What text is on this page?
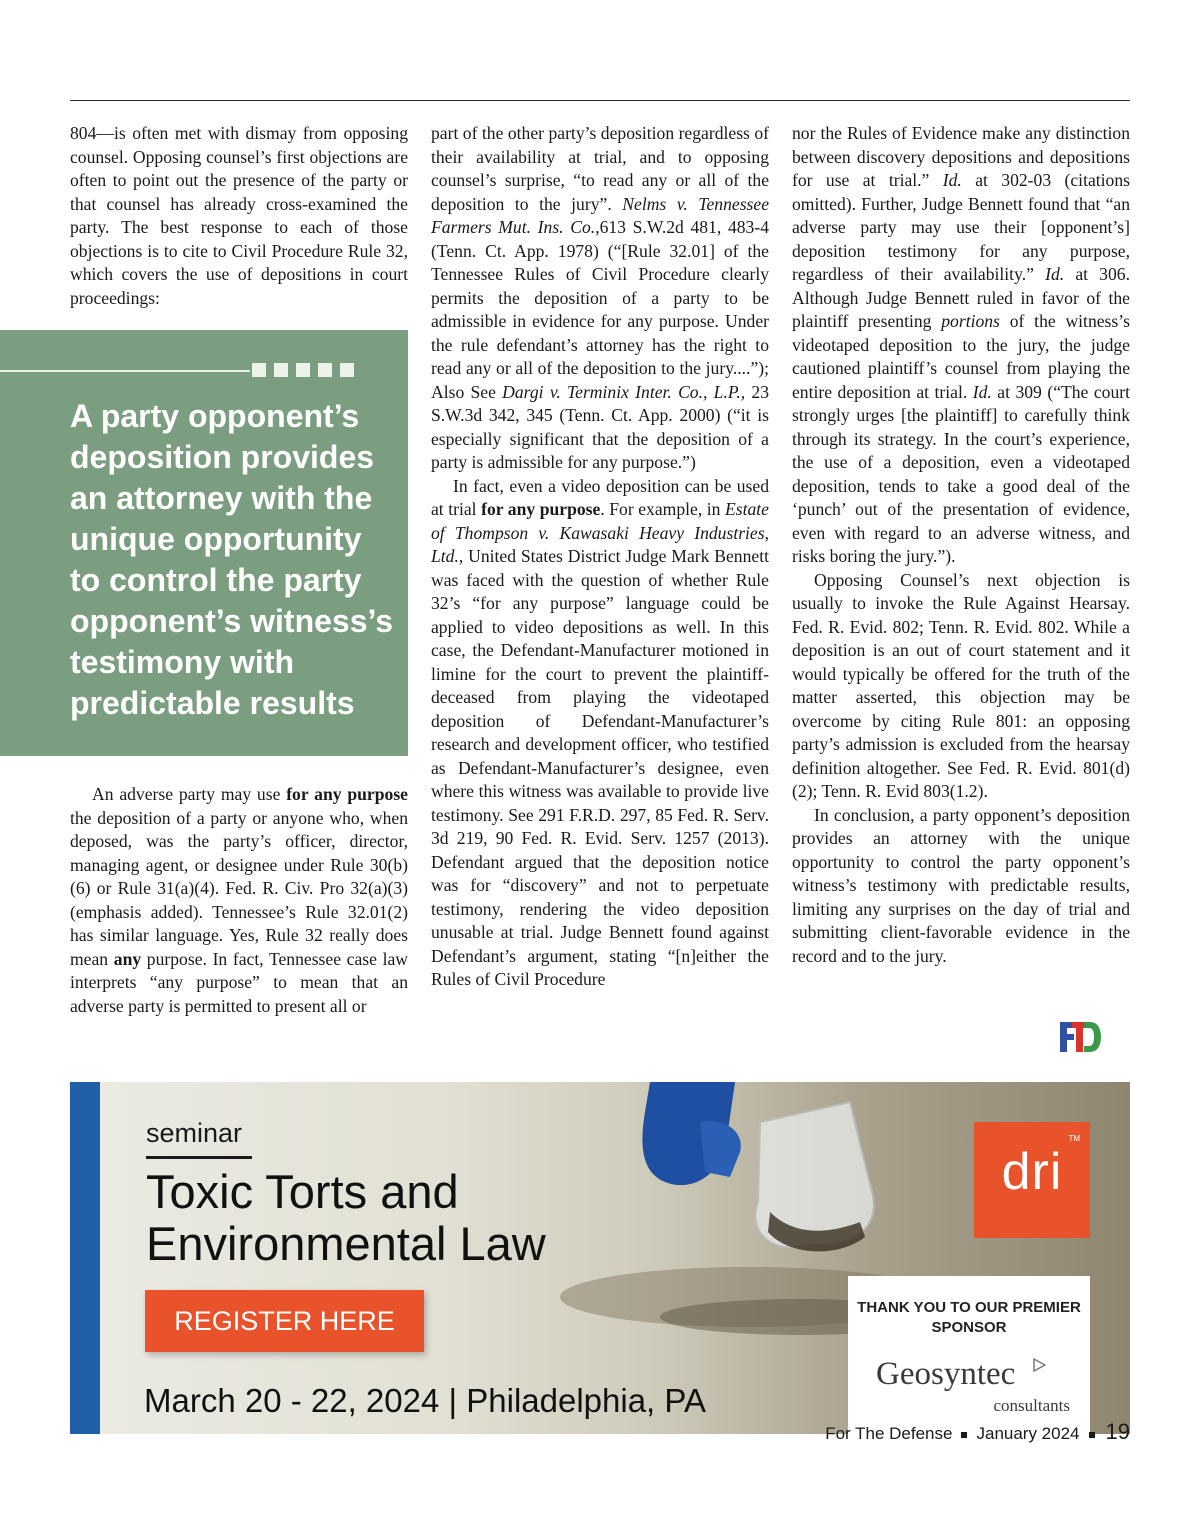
804—is often met with dismay from opposing counsel. Opposing counsel’s first objections are often to point out the presence of the party or that counsel has already cross-examined the party. The best response to each of those objections is to cite to Civil Procedure Rule 32, which covers the use of depositions in court proceedings:

A party opponent’s deposition provides an attorney with the unique opportunity to control the party opponent’s witness’s testimony with predictable results

An adverse party may use for any purpose the deposition of a party or anyone who, when deposed, was the party’s officer, director, managing agent, or designee under Rule 30(b)(6) or Rule 31(a)(4). Fed. R. Civ. Pro 32(a)(3) (emphasis added). Tennessee’s Rule 32.01(2) has similar language. Yes, Rule 32 really does mean any purpose. In fact, Tennessee case law interprets “any purpose” to mean that an adverse party is permitted to present all or

part of the other party’s deposition regardless of their availability at trial, and to opposing counsel’s surprise, “to read any or all of the deposition to the jury”. Nelms v. Tennessee Farmers Mut. Ins. Co.,613 S.W.2d 481, 483-4 (Tenn. Ct. App. 1978) (“[Rule 32.01] of the Tennessee Rules of Civil Procedure clearly permits the deposition of a party to be admissible in evidence for any purpose. Under the rule defendant’s attorney has the right to read any or all of the deposition to the jury....”); Also See Dargi v. Terminix Inter. Co., L.P., 23 S.W.3d 342, 345 (Tenn. Ct. App. 2000) (“it is especially significant that the deposition of a party is admissible for any purpose.”)

In fact, even a video deposition can be used at trial for any purpose. For example, in Estate of Thompson v. Kawasaki Heavy Industries, Ltd., United States District Judge Mark Bennett was faced with the question of whether Rule 32’s “for any purpose” language could be applied to video depositions as well. In this case, the Defendant-Manufacturer motioned in limine for the court to prevent the plaintiff-deceased from playing the videotaped deposition of Defendant-Manufacturer’s research and development officer, who testified as Defendant-Manufacturer’s designee, even where this witness was available to provide live testimony. See 291 F.R.D. 297, 85 Fed. R. Serv. 3d 219, 90 Fed. R. Evid. Serv. 1257 (2013). Defendant argued that the deposition notice was for “discovery” and not to perpetuate testimony, rendering the video deposition unusable at trial. Judge Bennett found against Defendant’s argument, stating “[n]either the Rules of Civil Procedure

nor the Rules of Evidence make any distinction between discovery depositions and depositions for use at trial.” Id. at 302-03 (citations omitted). Further, Judge Bennett found that “an adverse party may use their [opponent’s] deposition testimony for any purpose, regardless of their availability.” Id. at 306. Although Judge Bennett ruled in favor of the plaintiff presenting portions of the witness’s videotaped deposition to the jury, the judge cautioned plaintiff’s counsel from playing the entire deposition at trial. Id. at 309 (“The court strongly urges [the plaintiff] to carefully think through its strategy. In the court’s experience, the use of a deposition, even a videotaped deposition, tends to take a good deal of the ‘punch’ out of the presentation of evidence, even with regard to an adverse witness, and risks boring the jury.”).

Opposing Counsel’s next objection is usually to invoke the Rule Against Hearsay. Fed. R. Evid. 802; Tenn. R. Evid. 802. While a deposition is an out of court statement and it would typically be offered for the truth of the matter asserted, this objection may be overcome by citing Rule 801: an opposing party’s admission is excluded from the hearsay definition altogether. See Fed. R. Evid. 801(d)(2); Tenn. R. Evid 803(1.2).

In conclusion, a party opponent’s deposition provides an attorney with the unique opportunity to control the party opponent’s witness’s testimony with predictable results, limiting any surprises on the day of trial and submitting client-favorable evidence in the record and to the jury.

seminar
Toxic Torts and Environmental Law
REGISTER HERE
March 20 - 22, 2024 | Philadelphia, PA
dri
TM
THANK YOU TO OUR PREMIER SPONSOR
Geosyntec
consultants
For The Defense January 2024 19
